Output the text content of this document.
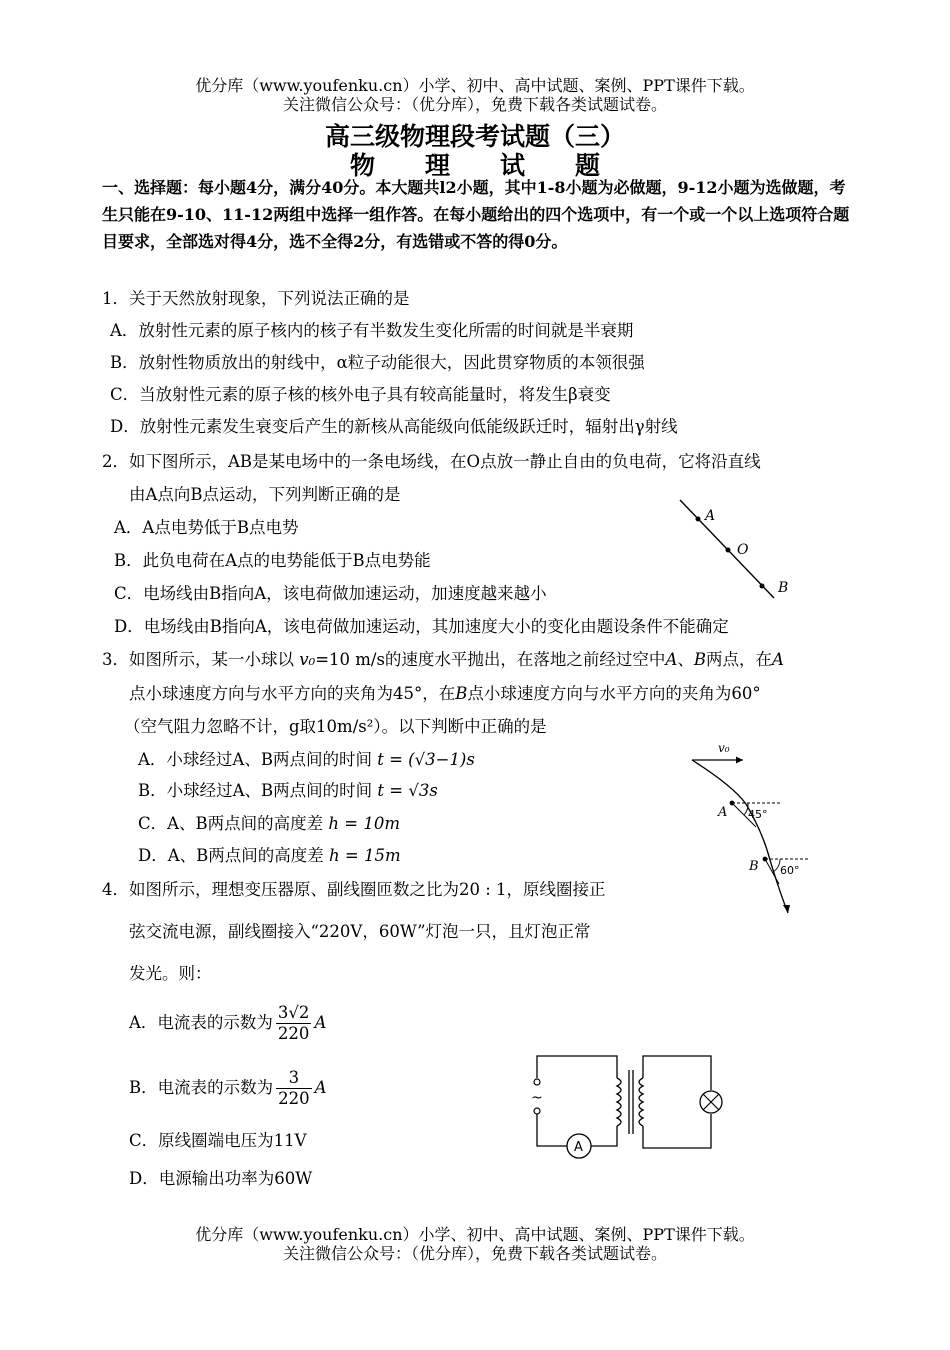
优分库（www.youfenku.cn）小学、初中、高中试题、案例、PPT课件下载。
关注微信公众号：（优分库），免费下载各类试题试卷。
高三级物理段考试题（三）
物　　理　　试　　题
一、选择题：每小题4分，满分40分。本大题共l2小题，其中1-8小题为必做题，9-12小题为选做题，考生只能在9-10、11-12两组中选择一组作答。在每小题给出的四个选项中，有一个或一个以上选项符合题目要求，全部选对得4分，选不全得2分，有选错或不答的得0分。
1．关于天然放射现象，下列说法正确的是
A．放射性元素的原子核内的核子有半数发生变化所需的时间就是半衰期
B．放射性物质放出的射线中，α粒子动能很大，因此贯穿物质的本领很强
C．当放射性元素的原子核的核外电子具有较高能量时，将发生β衰变
D．放射性元素发生衰变后产生的新核从高能级向低能级跃迁时，辐射出γ射线
2．如下图所示，AB是某电场中的一条电场线，在O点放一静止自由的负电荷，它将沿直线
由A点向B点运动，下列判断正确的是
A．A点电势低于B点电势
B．此负电荷在A点的电势能低于B点电势能
C．电场线由B指向A，该电荷做加速运动，加速度越来越小
D．电场线由B指向A，该电荷做加速运动，其加速度大小的变化由题设条件不能确定
A
O
B
3．如图所示，某一小球以 v₀=10 m/s的速度水平抛出，在落地之前经过空中A、B两点，在A
点小球速度方向与水平方向的夹角为45°，在B点小球速度方向与水平方向的夹角为60°
（空气阻力忽略不计，g取10m/s²）。以下判断中正确的是
A．小球经过A、B两点间的时间 t = (√3−1)s
B．小球经过A、B两点间的时间 t = √3s
C．A、B两点间的高度差 h = 10m
D．A、B两点间的高度差 h = 15m
v₀
A 45°
B 60°
4．如图所示，理想变压器原、副线圈匝数之比为20 : 1，原线圈接正
弦交流电源，副线圈接入“220V，60W”灯泡一只，且灯泡正常
发光。则：
A．电流表的示数为 $\frac{3√2}{220}$ A
B．电流表的示数为 $\frac{3}{220}$ A
C．原线圈端电压为11V
D．电源输出功率为60W
~
A
优分库（www.youfenku.cn）小学、初中、高中试题、案例、PPT课件下载。
关注微信公众号：（优分库），免费下载各类试题试卷。
